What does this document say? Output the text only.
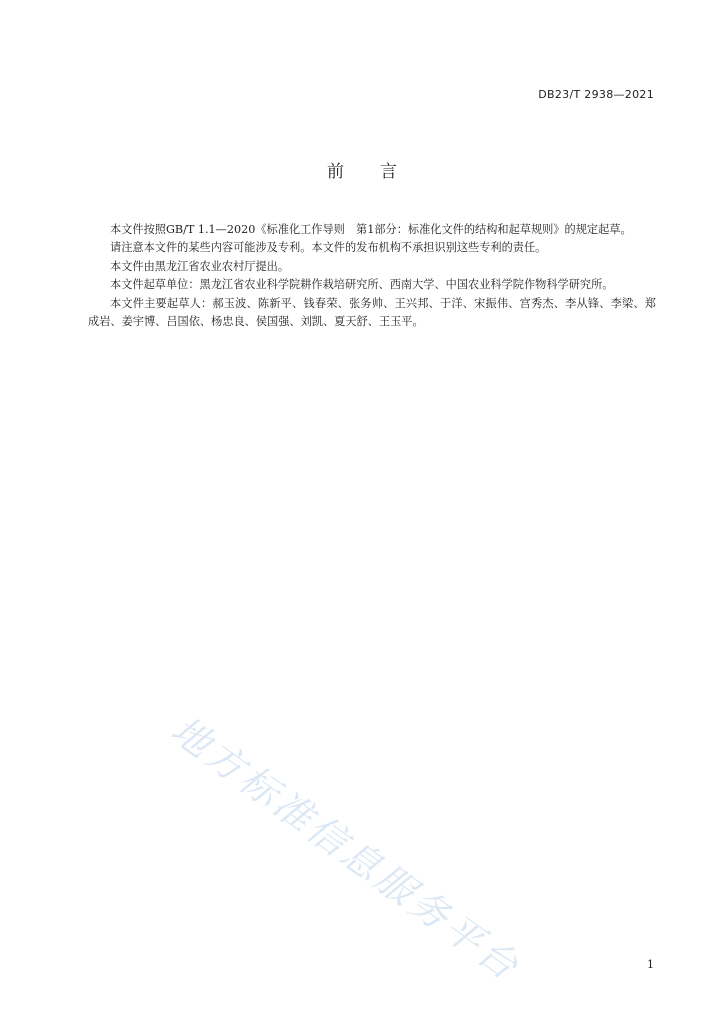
DB23/T 2938—2021
前 言

本文件按照GB/T 1.1—2020《标准化工作导则　第1部分：标准化文件的结构和起草规则》的规定起草。

请注意本文件的某些内容可能涉及专利。本文件的发布机构不承担识别这些专利的责任。

本文件由黑龙江省农业农村厅提出。

本文件起草单位：黑龙江省农业科学院耕作栽培研究所、西南大学、中国农业科学院作物科学研究所。

本文件主要起草人：郝玉波、陈新平、钱春荣、张务帅、王兴邦、于洋、宋振伟、宫秀杰、李从锋、李梁、郑成岩、姜宇博、吕国依、杨忠良、侯国强、刘凯、夏天舒、王玉平。

地方标准信息服务平台	1
